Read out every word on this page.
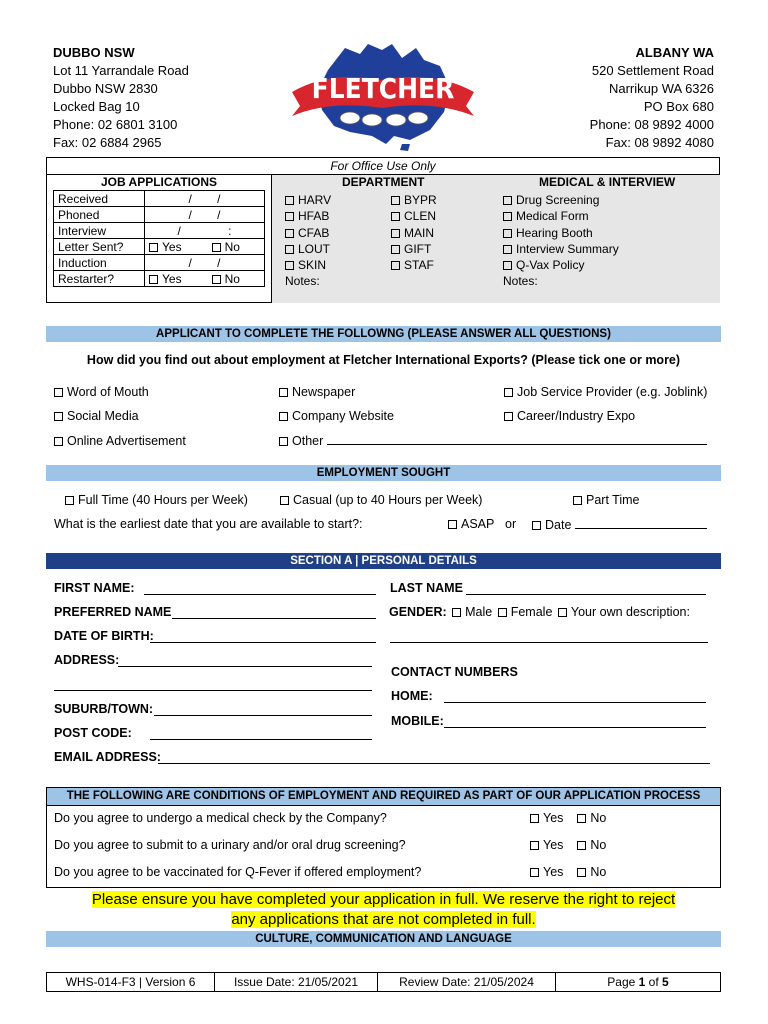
DUBBO NSW
Lot 11 Yarrandale Road
Dubbo NSW 2830
Locked Bag 10
Phone: 02 6801 3100
Fax: 02 6884 2965
FLETCHER
ALBANY WA
520 Settlement Road
Narrikup WA 6326
PO Box 680
Phone: 08 9892 4000
Fax: 08 9892 4080
For Office Use Only
JOB APPLICATIONS
Received	/ /
Phoned	/ /
Interview	/ :
Letter Sent?	Yes No
Induction	/ /
Restarter?	Yes No
DEPARTMENT
HARV
HFAB
CFAB
LOUT
SKIN
Notes:
BYPR
CLEN
MAIN
GIFT
STAF
MEDICAL & INTERVIEW
Drug Screening
Medical Form
Hearing Booth
Interview Summary
Q-Vax Policy
Notes:
APPLICANT TO COMPLETE THE FOLLOWNG (PLEASE ANSWER ALL QUESTIONS)
How did you find out about employment at Fletcher International Exports? (Please tick one or more)
Word of Mouth
Social Media
Online Advertisement
Newspaper
Company Website
Other
Job Service Provider (e.g. Joblink)
Career/Industry Expo
EMPLOYMENT SOUGHT
Full Time (40 Hours per Week)	Casual (up to 40 Hours per Week)	Part Time
What is the earliest date that you are available to start?:	ASAP or	Date
SECTION A | PERSONAL DETAILS
FIRST NAME:	LAST NAME
PREFERRED NAME	GENDER: Male Female Your own description:
DATE OF BIRTH:
ADDRESS:
CONTACT NUMBERS
HOME:
SUBURB/TOWN:
MOBILE:
POST CODE:
EMAIL ADDRESS:
THE FOLLOWING ARE CONDITIONS OF EMPLOYMENT AND REQUIRED AS PART OF OUR APPLICATION PROCESS
Do you agree to undergo a medical check by the Company?	Yes No
Do you agree to submit to a urinary and/or oral drug screening?	Yes No
Do you agree to be vaccinated for Q-Fever if offered employment?	Yes No
Please ensure you have completed your application in full. We reserve the right to reject
any applications that are not completed in full.
CULTURE, COMMUNICATION AND LANGUAGE
WHS-014-F3 | Version 6	Issue Date: 21/05/2021	Review Date: 21/05/2024	Page 1 of 5
